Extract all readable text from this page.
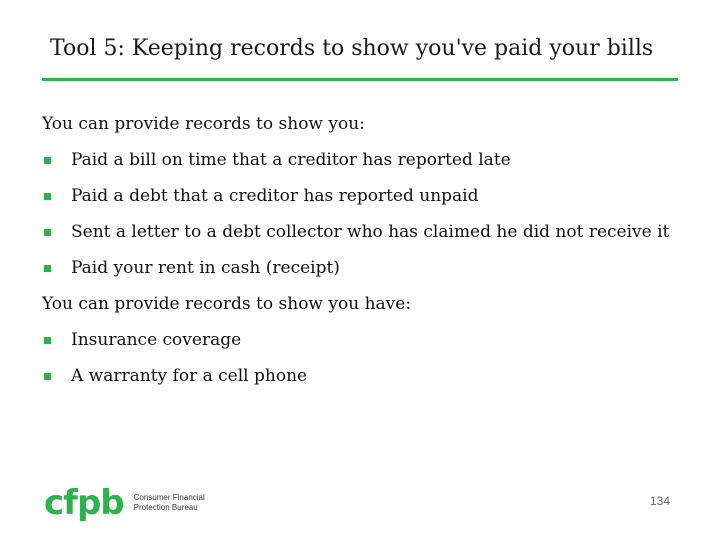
Tool 5: Keeping records to show you've paid your bills
You can provide records to show you:
Paid a bill on time that a creditor has reported late
Paid a debt that a creditor has reported unpaid
Sent a letter to a debt collector who has claimed he did not receive it
Paid your rent in cash (receipt)
You can provide records to show you have:
Insurance coverage
A warranty for a cell phone
cfpb Consumer Financial
Protection Bureau	134
